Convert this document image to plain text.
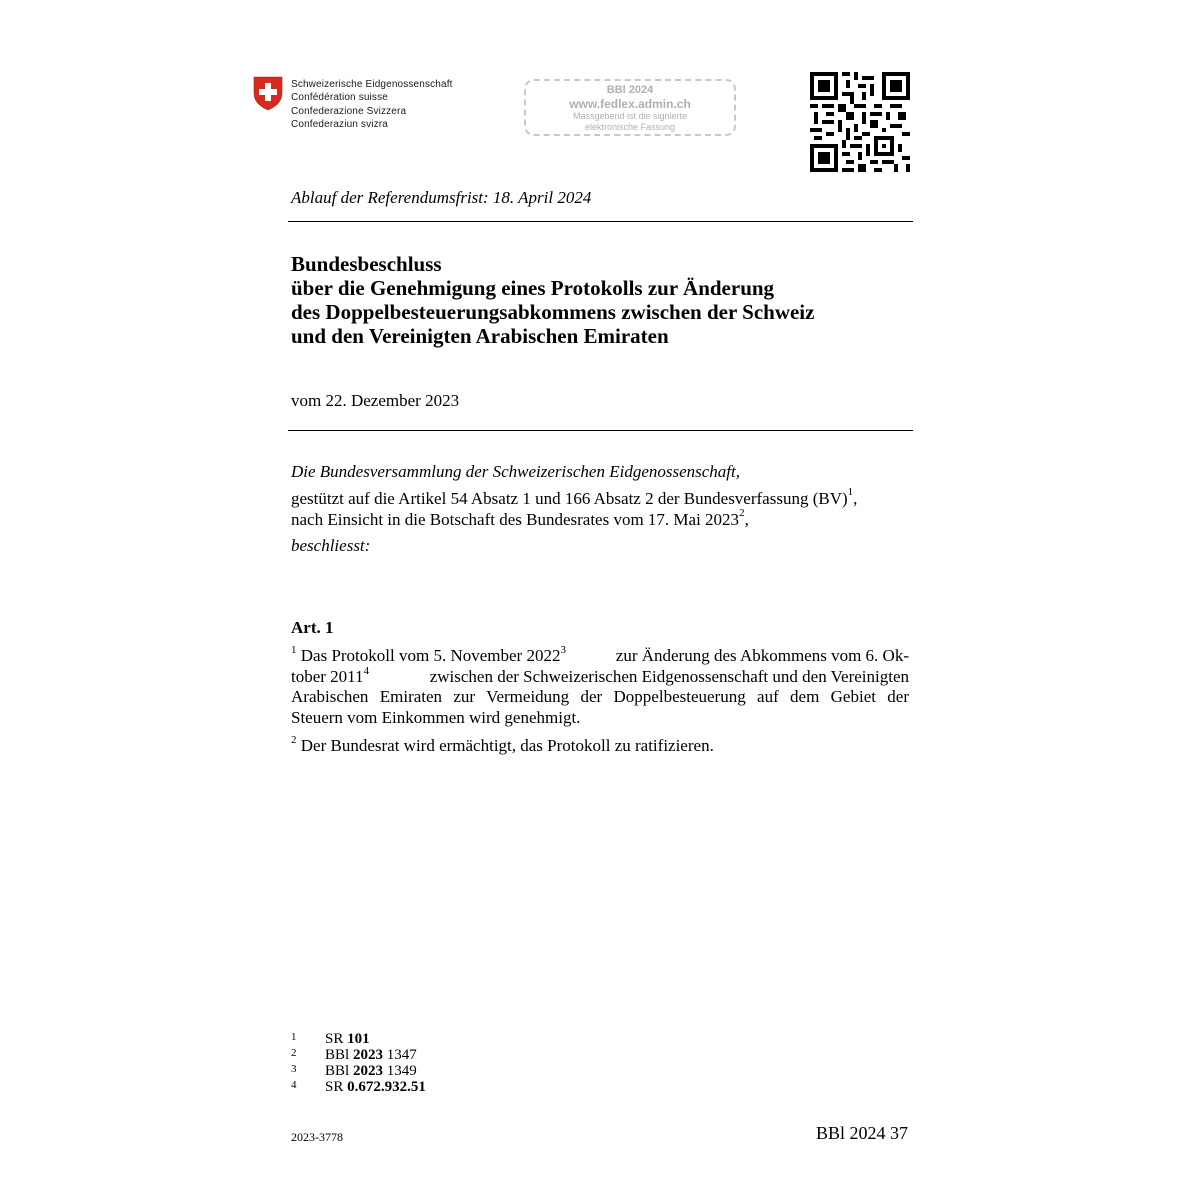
Schweizerische Eidgenossenschaft
Confédération suisse
Confederazione Svizzera
Confederaziun svizra
BBl 2024
www.fedlex.admin.ch
Massgebend ist die signierte
elektronische Fassung
Ablauf der Referendumsfrist: 18. April 2024
Bundesbeschluss
über die Genehmigung eines Protokolls zur Änderung
des Doppelbesteuerungsabkommens zwischen der Schweiz
und den Vereinigten Arabischen Emiraten
vom 22. Dezember 2023
Die Bundesversammlung der Schweizerischen Eidgenossenschaft,
gestützt auf die Artikel 54 Absatz 1 und 166 Absatz 2 der Bundesverfassung (BV)$^1$,
nach Einsicht in die Botschaft des Bundesrates vom 17. Mai 2023$^2$,
beschliesst:
Art. 1
$^1$ Das Protokoll vom 5. November 2022$^3$	zur Änderung des Abkommens vom 6. Ok-
tober 2011$^4$	zwischen der Schweizerischen Eidgenossenschaft und den Vereinigten
Arabischen Emiraten zur Vermeidung der Doppelbesteuerung auf dem Gebiet der
Steuern vom Einkommen wird genehmigt.
$^2$ Der Bundesrat wird ermächtigt, das Protokoll zu ratifizieren.
1	SR 101
2	BBl 2023 1347
3	BBl 2023 1349
4	SR 0.672.932.51
2023-3778	BBl 2024 37
